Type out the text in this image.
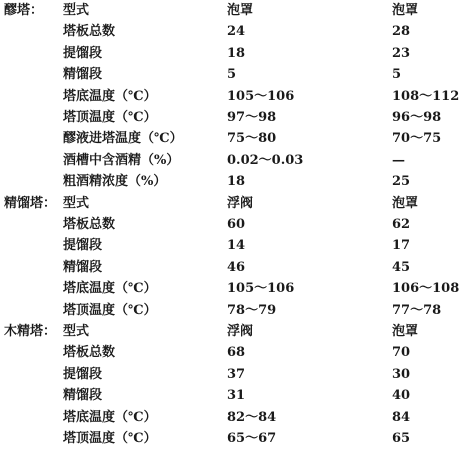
醪塔： 型式	泡罩	泡罩
塔板总数	24	28
提馏段	18	23
精馏段	5	5
塔底温度（℃）	105～106	108～112
塔顶温度（℃）	97～98	96～98
醪液进塔温度（℃）	75～80	70～75
酒槽中含酒精（%）	0.02～0.03	—
粗酒精浓度（%）	18	25
精馏塔： 型式	浮阀	泡罩
塔板总数	60	62
提馏段	14	17
精馏段	46	45
塔底温度（℃）	105～106	106～108
塔顶温度（℃）	78～79	77～78
木精塔： 型式	浮阀	泡罩
塔板总数	68	70
提馏段	37	30
精馏段	31	40
塔底温度（℃）	82～84	84
塔顶温度（℃）	65～67	65
